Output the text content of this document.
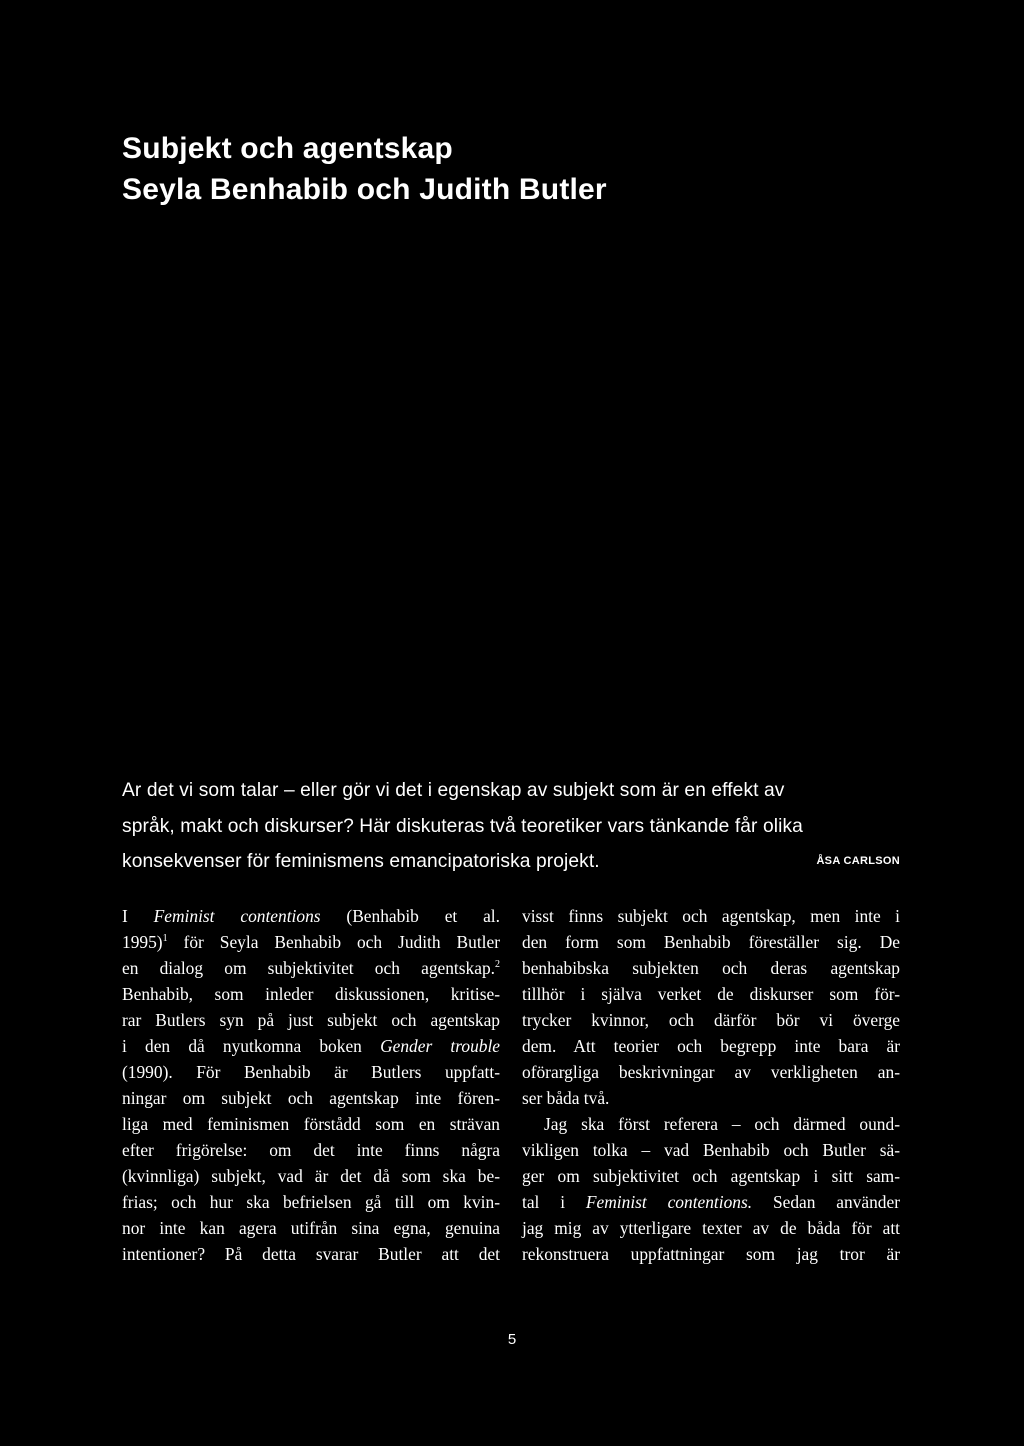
Subjekt och agentskap
Seyla Benhabib och Judith Butler
Ar det vi som talar – eller gör vi det i egenskap av subjekt som är en effekt av
språk, makt och diskurser? Här diskuteras två teoretiker vars tänkande får olika
konsekvenser för feminismens emancipatoriska projekt.	ÅSA CARLSON
I Feminist contentions (Benhabib et al.
1995)$^1$ för Seyla Benhabib och Judith Butler
en dialog om subjektivitet och agentskap.$^2$
Benhabib, som inleder diskussionen, kritise-
rar Butlers syn på just subjekt och agentskap
i den då nyutkomna boken Gender trouble
(1990). För Benhabib är Butlers uppfatt-
ningar om subjekt och agentskap inte fören-
liga med feminismen förstådd som en strävan
efter frigörelse: om det inte finns några
(kvinnliga) subjekt, vad är det då som ska be-
frias; och hur ska befrielsen gå till om kvin-
nor inte kan agera utifrån sina egna, genuina
intentioner? På detta svarar Butler att det
visst finns subjekt och agentskap, men inte i
den form som Benhabib föreställer sig. De
benhabibska subjekten och deras agentskap
tillhör i själva verket de diskurser som för-
trycker kvinnor, och därför bör vi överge
dem. Att teorier och begrepp inte bara är
oförargliga beskrivningar av verkligheten an-
ser båda två.
Jag ska först referera – och därmed ound-
vikligen tolka – vad Benhabib och Butler sä-
ger om subjektivitet och agentskap i sitt sam-
tal i Feminist contentions. Sedan använder
jag mig av ytterligare texter av de båda för att
rekonstruera uppfattningar som jag tror är
5
